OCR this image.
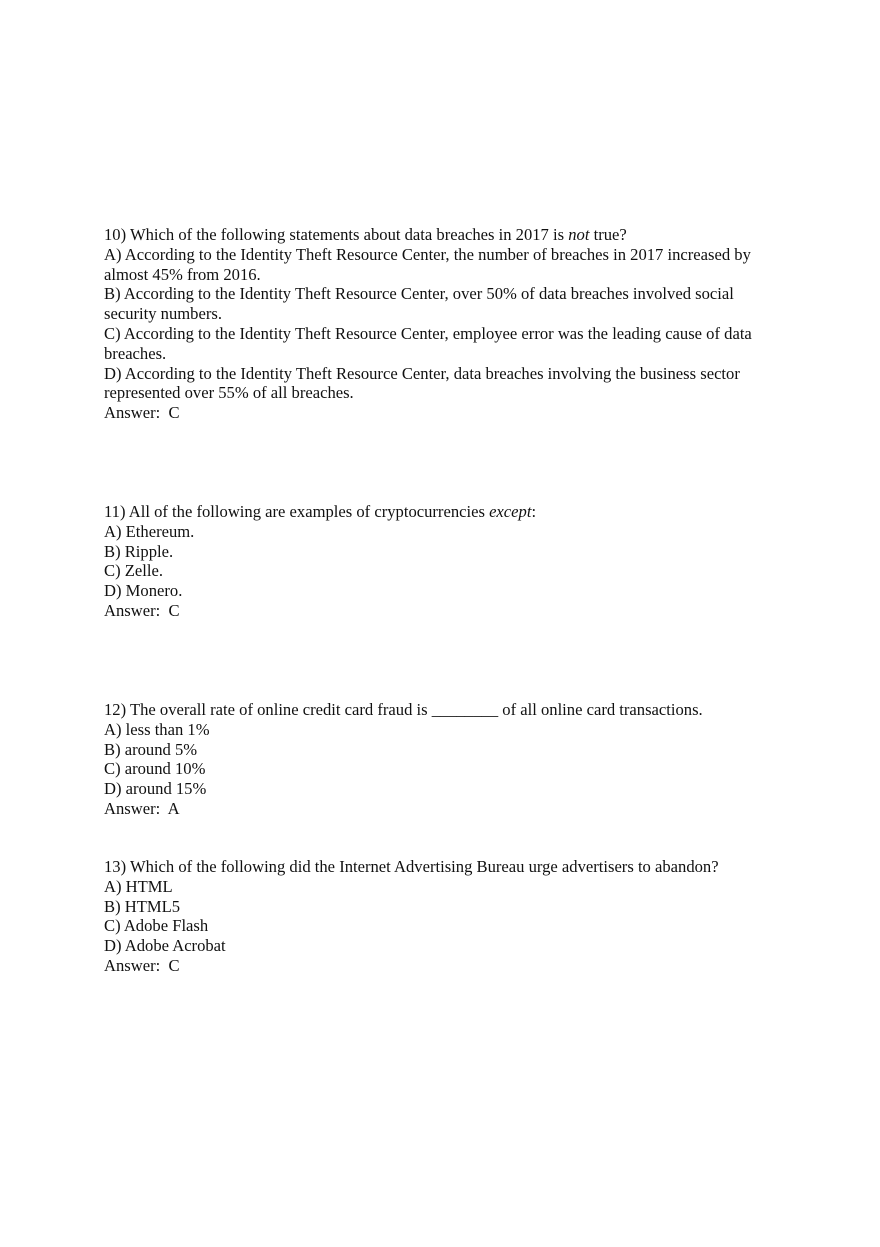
10) Which of the following statements about data breaches in 2017 is not true?
A) According to the Identity Theft Resource Center, the number of breaches in 2017 increased by almost 45% from 2016.
B) According to the Identity Theft Resource Center, over 50% of data breaches involved social security numbers.
C) According to the Identity Theft Resource Center, employee error was the leading cause of data breaches.
D) According to the Identity Theft Resource Center, data breaches involving the business sector represented over 55% of all breaches.
Answer:  C
11) All of the following are examples of cryptocurrencies except:
A) Ethereum.
B) Ripple.
C) Zelle.
D) Monero.
Answer:  C
12) The overall rate of online credit card fraud is ________ of all online card transactions.
A) less than 1%
B) around 5%
C) around 10%
D) around 15%
Answer:  A
13) Which of the following did the Internet Advertising Bureau urge advertisers to abandon?
A) HTML
B) HTML5
C) Adobe Flash
D) Adobe Acrobat
Answer:  C
